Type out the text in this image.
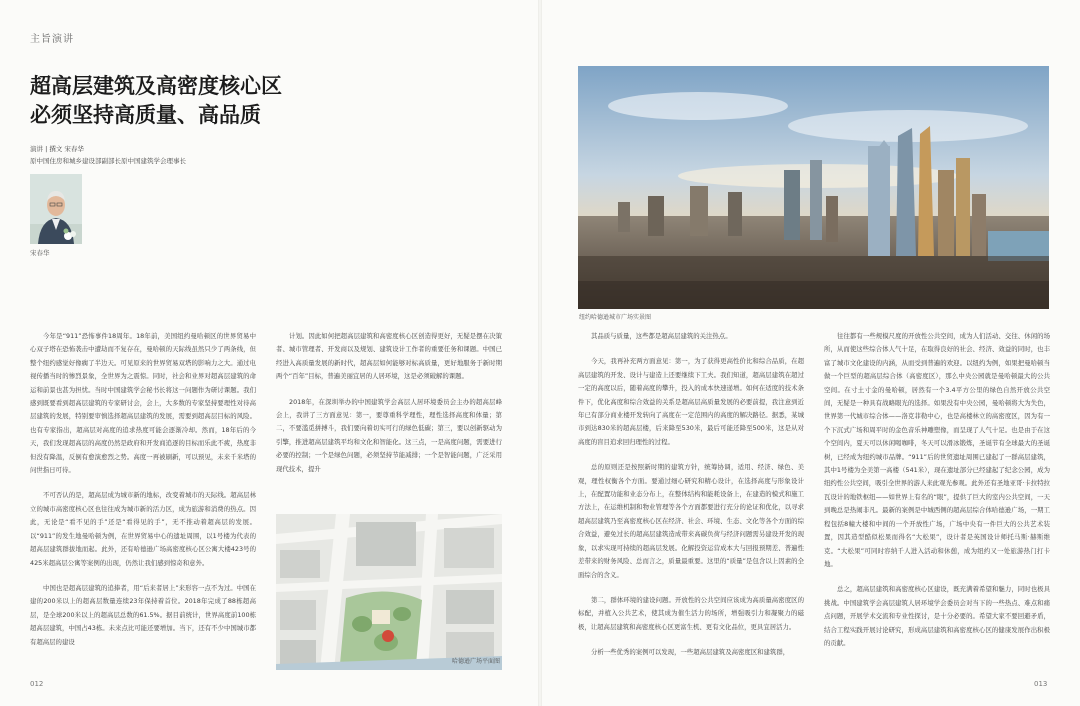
主旨演讲
超高层建筑及高密度核心区
必须坚持高质量、高品质
演讲 | 撰文 宋春华
原中国住房和城乡建设部副部长原中国建筑学会理事长
宋春华

今年是“911”恐怖事件18周年。18年前，美国纽约曼哈顿区的世界贸易中心双子塔在恐怖袭击中遭劫而不复存在，曼哈顿的天际线虽然只少了两条线，但整个纽约感觉好像瘸了半边天。可见原来的世界贸易双塔的影响力之大。通过电视传播当时的惨烈景象，全世界为之震惊。同时，社会和业界对超高层建筑的命运和前景也甚为担忧。当时中国建筑学会秘书长将这一问题作为研讨课题。我们感到既要看到超高层建筑的专家研讨会，会上，大多数的专家坚持要理性对待高层建筑的发展，特别要审慎选择超高层建筑的发展，需要到超高层目标的风险。也有专家指出，超高层对高度的追求热度可能会逐渐冷却。然而，18年后的今天，我们发现超高层的高度仍然是政府和开发商追逐的目标而乐此不疲，热度非但没有降温，反倒有愈演愈烈之势。高度一再被刷新，可以预见，未来千米塔的问世指日可待。

不可否认的是，超高层成为城市新的地标，改变着城市的天际线。超高层林立的城市高密度核心区也往往成为城市新的活力区，成为旅游和消费的热点。因此，无论是“看不见的手”还是“看得见的手”，无不推动着超高层的发展。以“911”的发生地曼哈顿为例，在世界贸易中心的遗址周围，以1号楼为代表的超高层建筑群拔地而起。此外，还有哈德逊广场高密度核心区公寓大楼423号的425米超高层公寓等案例的出现，仍然让我们感到惊奇和意外。

中国也是超高层建筑的追捧者，用“后来者居上”来形容一点不为过。中国在建的200米以上的超高层数量连续23年保持着首位。2018年完成了88栋超高层，是全球200米以上的超高层总数的61.5%。据目前统计，世界高度前100栋超高层建筑，中国占43栋。未来点比可能还要增加。当下，还有不少中国城市都有超高层的建设

计划。因此如何把超高层建筑和高密度核心区创造得更好，无疑是摆在决策者、城市管理者、开发商以及规划、建筑设计工作者的重要任务和课题。中国已经进入高质量发展的新时代，超高层如何能够对标高质量，更好地服务于新时期两个“百年”目标，普遍美丽宜居的人居环境，这是必须破解的课题。

2018年，在深圳举办的中国建筑学会高层人居环境委员会主办的超高层峰会上，我讲了三方面意见：第一，要尊重科学理性，理性选择高度和体量；第二，不要滥觅拼搏斗，我们要向着切实可行的绿色低碳；第三，要以创新驱动为引擎，推进超高层建筑平均和文化和智能化。这三点，一是高度问题，需要进行必要的控制；一个是绿色问题，必须坚持节能减排；一个是智能问题，广泛采用现代技术，提升

哈德逊广场平面图
012
纽约哈德逊城市广场实景图

其品质与质量，这些都是超高层建筑的关注热点。

今天，我再补充两方面意见：第一，为了获得更高性价比和综合品质，在超高层建筑的开发、设计与建造上还要继续下工夫。我们知道，超高层建筑在超过一定的高度以后，随着高度的攀升，投入的成本快速递增。如何在适度的技术条件下，优化高度和综合效益的关系是超高层高质量发展的必要前提，我注意到近年已有部分商业楼开发转向了高度在一定范围内的高度的解决路径。据悉，某城市到达830米的超高层楼，后来降至530米，最后可能还降至500米，这是从对高度的盲目追求回归理性的过程。

总的原则还是按照新时期的建筑方针，统筹协调，适用、经济、绿色、美观，理性权衡各个方面。要通过细心研究和精心设计，在选择高度与形象设计上，在配置功能和业态分布上，在整体结构和能耗设备上，在建造的模式和施工方法上，在运维机制和物业管理等各个方面都要进行充分的论证和优化，以寻求超高层建筑乃至高密度核心区在经济、社会、环境、生态、文化等各个方面的综合效益，避免过长的超高层建筑造成带来高碳负荷与经济问题需另建设开发的现象，以求实现可持续的超高层发展。化解投资运营成本大与回报预期差、普遍性差带来的财务风险、总而言之，质量最重要。这里的“质量”是包含以上因素的全面综合的含义。

第二，群体环境的建设问题。开放性的公共空间应该成为高质量高密度区的标配，并植入公共艺术，使其成为催生活力的场所，增强吸引力和凝聚力的磁极，让超高层建筑和高密度核心区更富生机、更有文化品位，更具宜居活力。

分析一些优秀的案例可以发现，一些超高层建筑及高密度区和建筑群，

往往都有一些规模尺度的开放性公共空间，成为人们活动、交往、休闲的场所，从而使这些综合体人气十足，在取得良好的社会、经济、效益的同时，也丰富了城市文化建设的内涵，从而受到普遍的欢迎。以纽约为例，如果把曼哈顿当做一个巨型的超高层综合体（高密度区），那么中央公园就是曼哈顿最大的公共空间。在寸土寸金的曼哈顿，居然有一个3.4平方公里的绿色自然开放公共空间，无疑是一种具有战略眼光的选择。如果没有中央公园，曼哈顿将大为失色，世界第一代城市综合体——洛克菲勒中心，也是高楼林立的高密度区，因为有一个下沉式广场和周平时的金色音乐神雕塑像，而呈现了人气十足。也是由于在这个空间内，夏天可以休闲喝咖啡，冬天可以滑冰锻炼，圣诞节有全球最大的圣诞树，已经成为纽约城市品牌。“911”后的世贸遗址周围已建起了一群高层建筑，其中1号楼为全美第一高楼（541米），现在遗址部分已经建起了纪念公园，成为纽约性公共空间，吸引全世界的游人来此观光参观。此外还有圣地亚哥·卡拉特拉瓦设计的地铁枢纽——如世界上有名的“眼”，提供了巨大的室内公共空间，一天到晚总是热闹非凡。最新的案例是中城西侧的超高层综合体哈德逊广场，一期工程包括8幢大楼和中间的一个开放性广场，广场中央有一件巨大的公共艺术装置，因其造型酷似松果而得名“大松果”，设计者是英国设计师托马斯·赫斯维克。“大松果”可同时容纳千人进入活动和休憩，成为纽约又一处旅游热门打卡地。

总之，超高层建筑和高密度核心区建设，既充满着希望和魅力，同时也极具挑战。中国建筑学会高层建筑人居环境学会委员会对当下的一些热点、难点和痛点问题，开展学术交流和专业性探讨，是十分必要的。希望大家不要回避矛盾，结合工程实践开展讨论研究，形成高层建筑和高密度核心区的健康发展作出积极的贡献。

013
